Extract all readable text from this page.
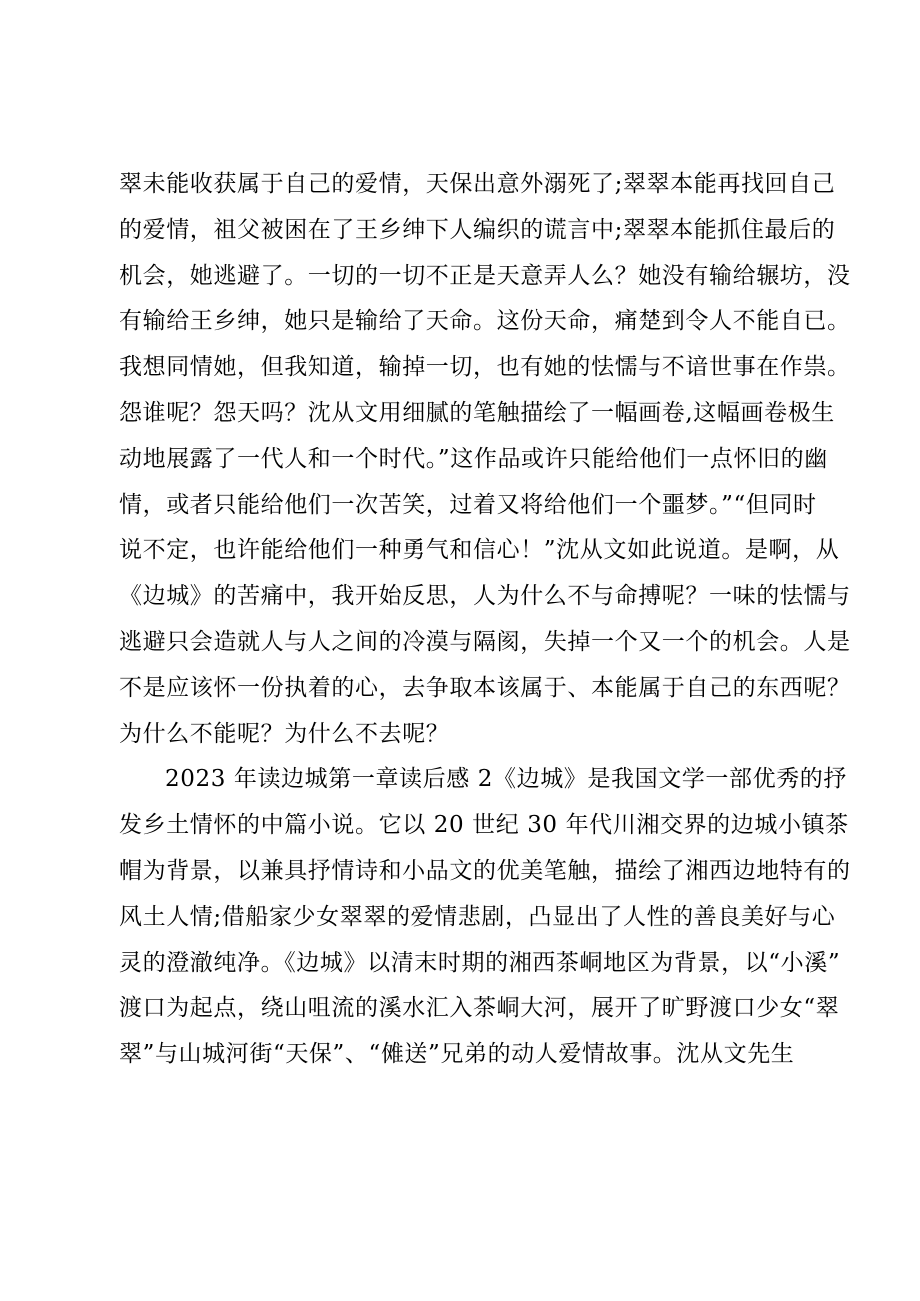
翠未能收获属于自己的爱情，天保出意外溺死了;翠翠本能再找回自己
的爱情，祖父被困在了王乡绅下人编织的谎言中;翠翠本能抓住最后的
机会，她逃避了。一切的一切不正是天意弄人么？她没有输给辗坊，没
有输给王乡绅，她只是输给了天命。这份天命，痛楚到令人不能自已。
我想同情她，但我知道，输掉一切，也有她的怯懦与不谙世事在作祟。
怨谁呢？怨天吗？沈从文用细腻的笔触描绘了一幅画卷,这幅画卷极生
动地展露了一代人和一个时代。”这作品或许只能给他们一点怀旧的幽
情，或者只能给他们一次苦笑，过着又将给他们一个噩梦。”“但同时
说不定，也许能给他们一种勇气和信心！”沈从文如此说道。是啊，从
《边城》的苦痛中，我开始反思，人为什么不与命搏呢？一味的怯懦与
逃避只会造就人与人之间的冷漠与隔阂，失掉一个又一个的机会。人是
不是应该怀一份执着的心，去争取本该属于、本能属于自己的东西呢？
为什么不能呢？为什么不去呢？
2023 年读边城第一章读后感 2《边城》是我国文学一部优秀的抒
发乡土情怀的中篇小说。它以 20 世纪 30 年代川湘交界的边城小镇茶
帽为背景，以兼具抒情诗和小品文的优美笔触，描绘了湘西边地特有的
风土人情;借船家少女翠翠的爱情悲剧，凸显出了人性的善良美好与心
灵的澄澈纯净。《边城》以清末时期的湘西茶峒地区为背景，以“小溪”
渡口为起点，绕山咀流的溪水汇入茶峒大河，展开了旷野渡口少女“翠
翠”与山城河街“天保”、“傩送”兄弟的动人爱情故事。沈从文先生
